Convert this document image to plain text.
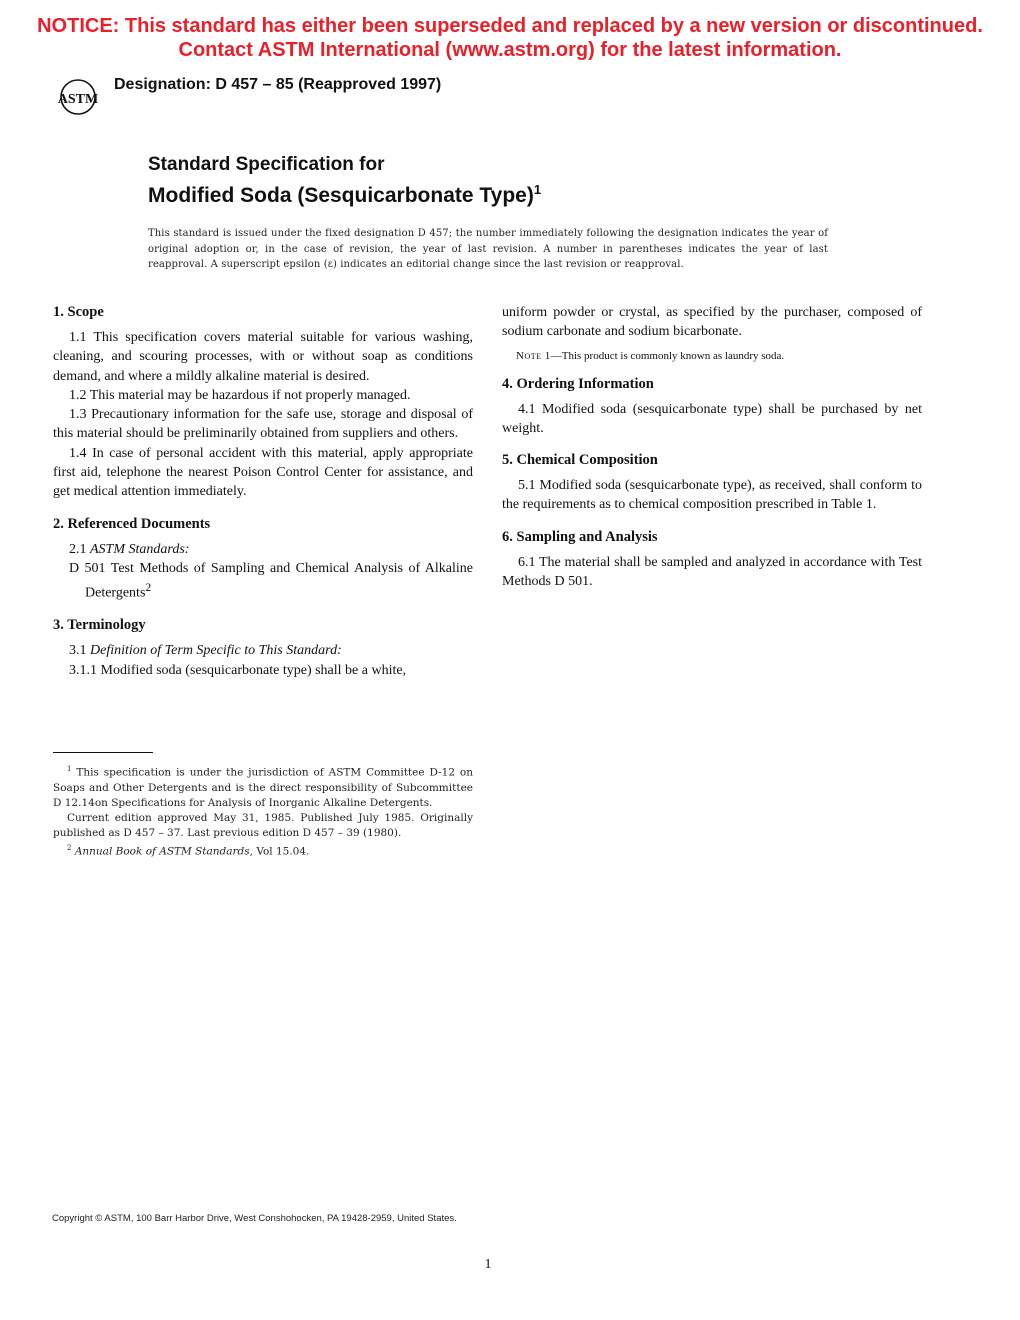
NOTICE: This standard has either been superseded and replaced by a new version or discontinued.
Contact ASTM International (www.astm.org) for the latest information.
ASTM
Designation: D 457 – 85 (Reapproved 1997)
Standard Specification for
Modified Soda (Sesquicarbonate Type)$^1$
This standard is issued under the fixed designation D 457; the number immediately following the designation indicates the year of original adoption or, in the case of revision, the year of last revision. A number in parentheses indicates the year of last reapproval. A superscript epsilon (ε) indicates an editorial change since the last revision or reapproval.
1. Scope

1.1 This specification covers material suitable for various washing, cleaning, and scouring processes, with or without soap as conditions demand, and where a mildly alkaline material is desired.

1.2 This material may be hazardous if not properly managed.

1.3 Precautionary information for the safe use, storage and disposal of this material should be preliminarily obtained from suppliers and others.

1.4 In case of personal accident with this material, apply appropriate first aid, telephone the nearest Poison Control Center for assistance, and get medical attention immediately.

2. Referenced Documents

2.1 ASTM Standards:

D 501 Test Methods of Sampling and Chemical Analysis of Alkaline Detergents$^2$

3. Terminology

3.1 Definition of Term Specific to This Standard:

3.1.1 Modified soda (sesquicarbonate type) shall be a white,

uniform powder or crystal, as specified by the purchaser, composed of sodium carbonate and sodium bicarbonate.

Note 1—This product is commonly known as laundry soda.

4. Ordering Information

4.1 Modified soda (sesquicarbonate type) shall be purchased by net weight.

5. Chemical Composition

5.1 Modified soda (sesquicarbonate type), as received, shall conform to the requirements as to chemical composition prescribed in Table 1.

6. Sampling and Analysis

6.1 The material shall be sampled and analyzed in accordance with Test Methods D 501.

$^1$ This specification is under the jurisdiction of ASTM Committee D-12 on Soaps and Other Detergents and is the direct responsibility of Subcommittee D 12.14on Specifications for Analysis of Inorganic Alkaline Detergents.

Current edition approved May 31, 1985. Published July 1985. Originally published as D 457 – 37. Last previous edition D 457 – 39 (1980).

$^2$ Annual Book of ASTM Standards, Vol 15.04.

Copyright © ASTM, 100 Barr Harbor Drive, West Conshohocken, PA 19428-2959, United States.
1
